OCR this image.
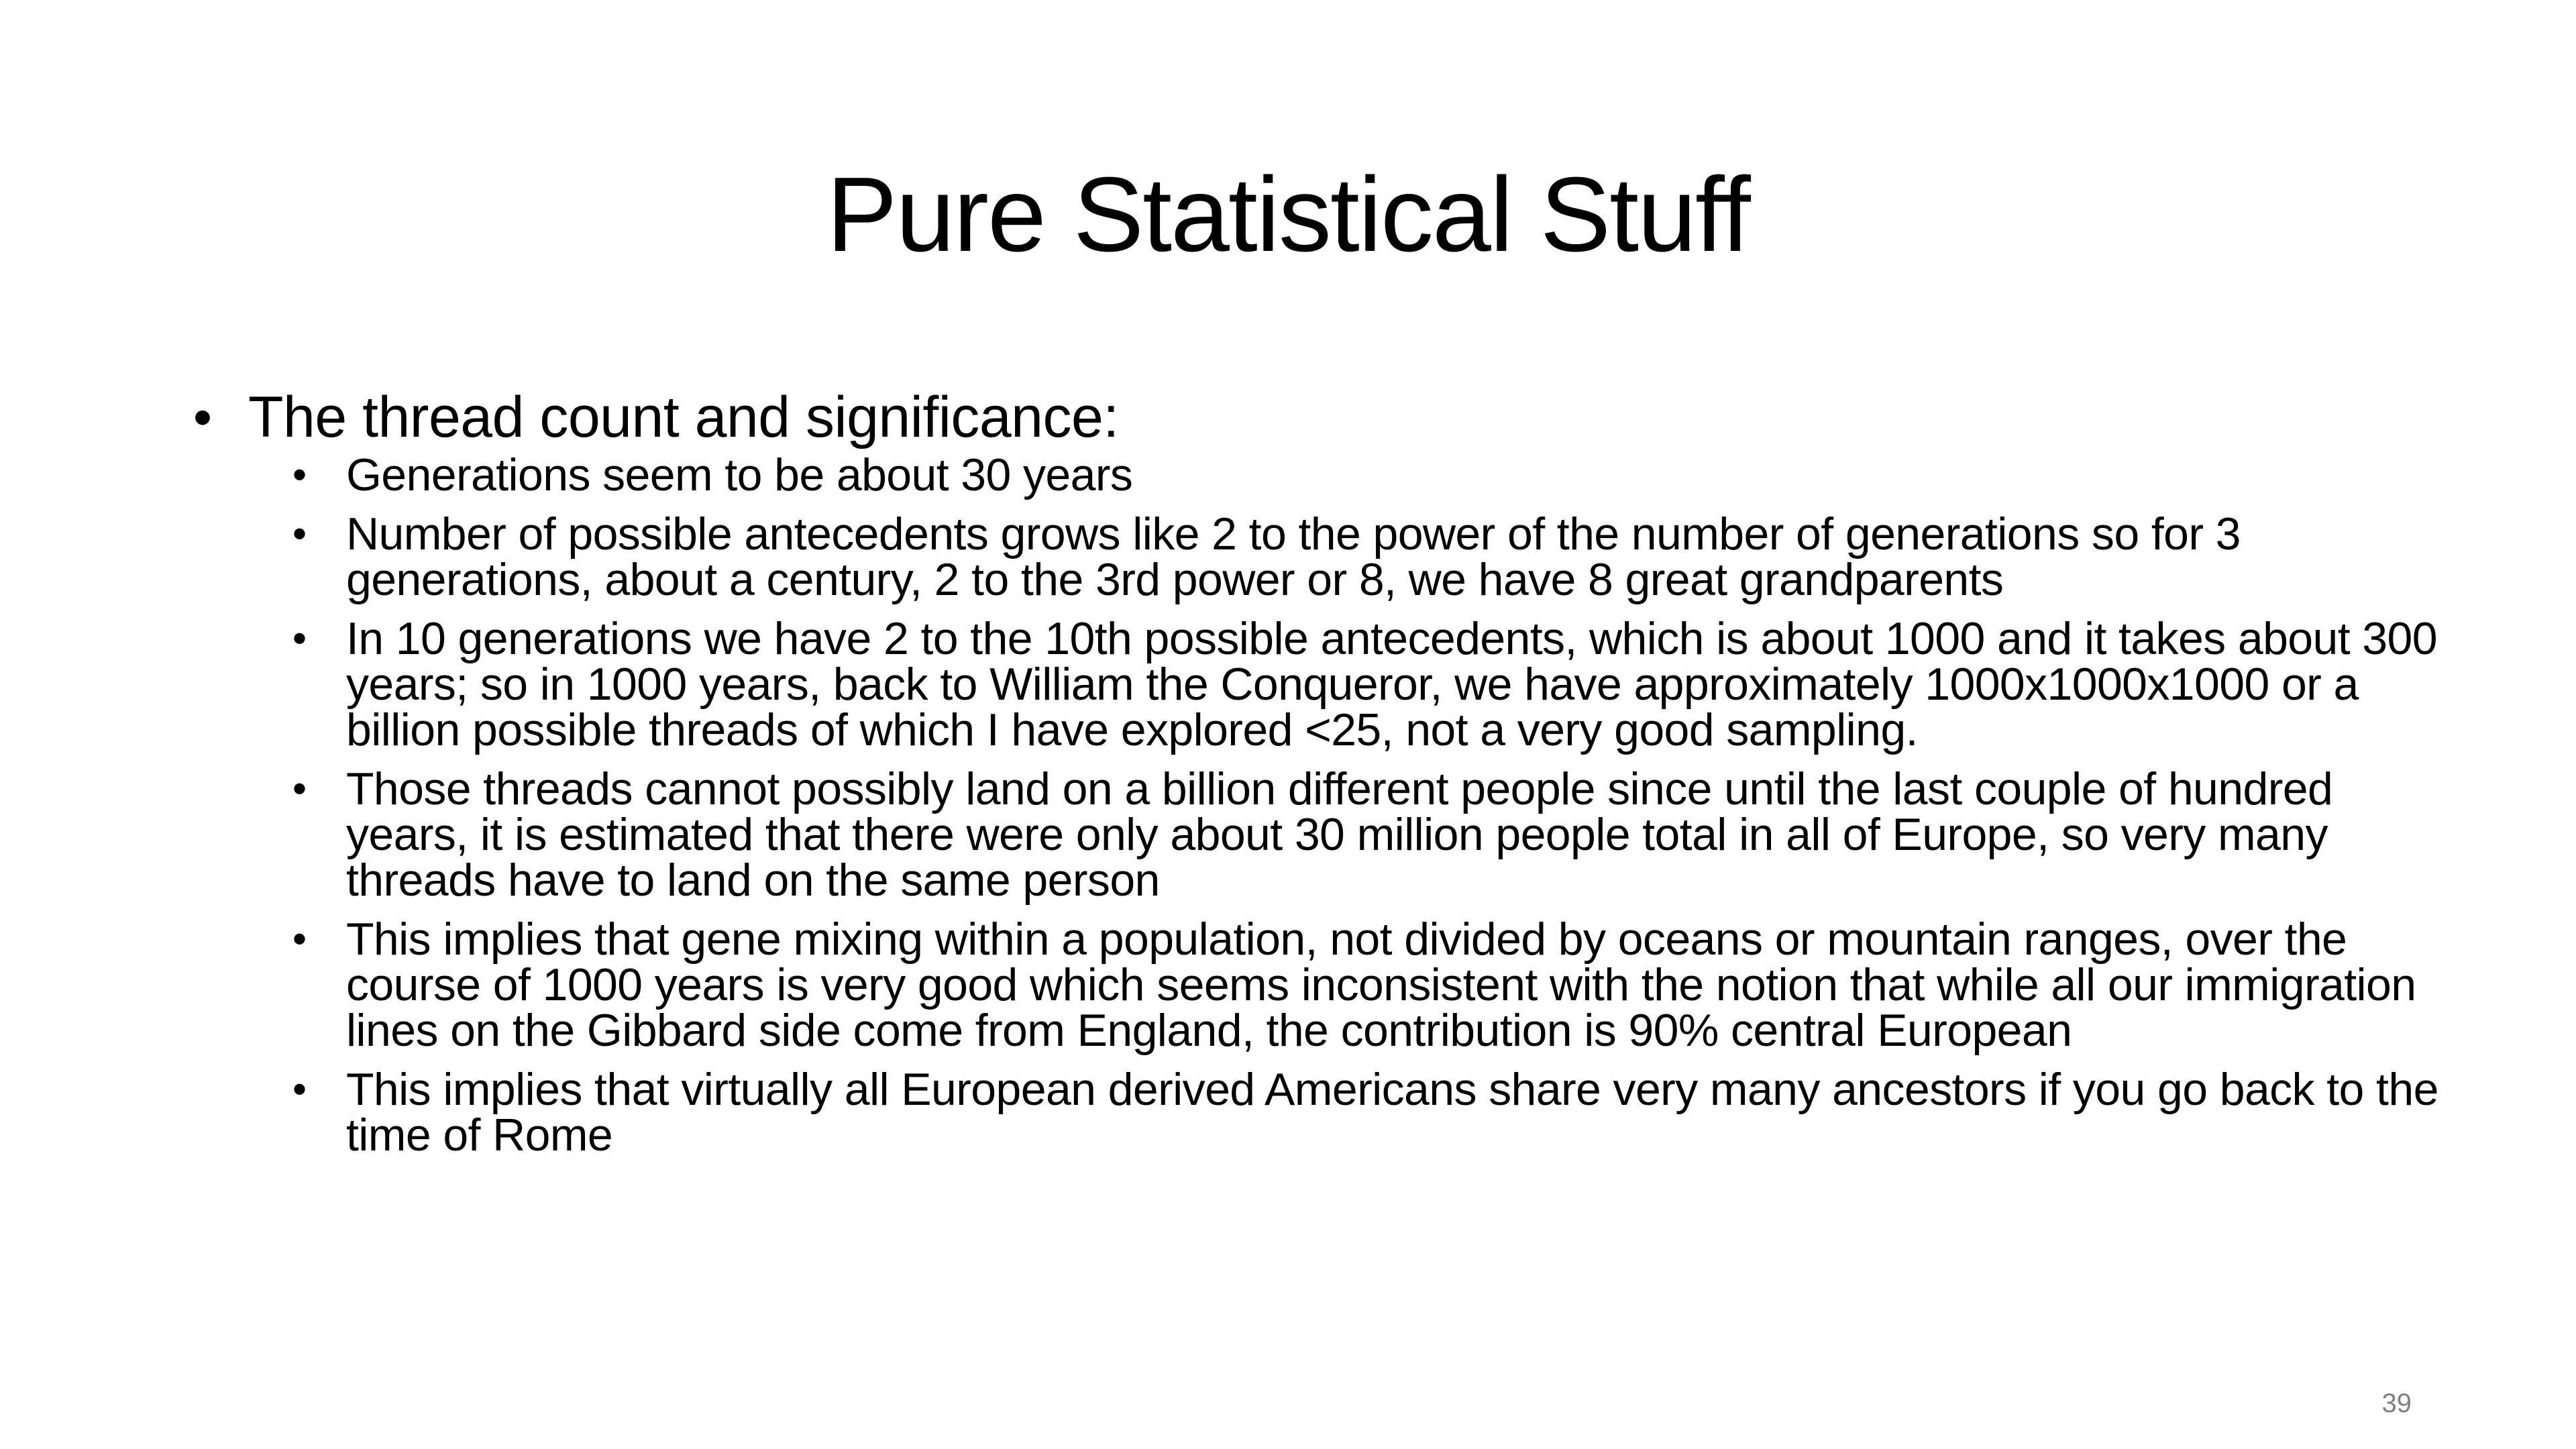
Pure Statistical Stuff
• The thread count and significance:
• Generations seem to be about 30 years
• Number of possible antecedents grows like 2 to the power of the number of generations so for 3 generations, about a century, 2 to the 3rd power or 8, we have 8 great grandparents
• In 10 generations we have 2 to the 10th possible antecedents, which is about 1000 and it takes about 300 years; so in 1000 years, back to William the Conqueror, we have approximately 1000x1000x1000 or a billion possible threads of which I have explored <25, not a very good sampling.
• Those threads cannot possibly land on a billion different people since until the last couple of hundred years, it is estimated that there were only about 30 million people total in all of Europe, so very many threads have to land on the same person
• This implies that gene mixing within a population, not divided by oceans or mountain ranges, over the course of 1000 years is very good which seems inconsistent with the notion that while all our immigration lines on the Gibbard side come from England, the contribution is 90% central European
• This implies that virtually all European derived Americans share very many ancestors if you go back to the time of Rome
39
